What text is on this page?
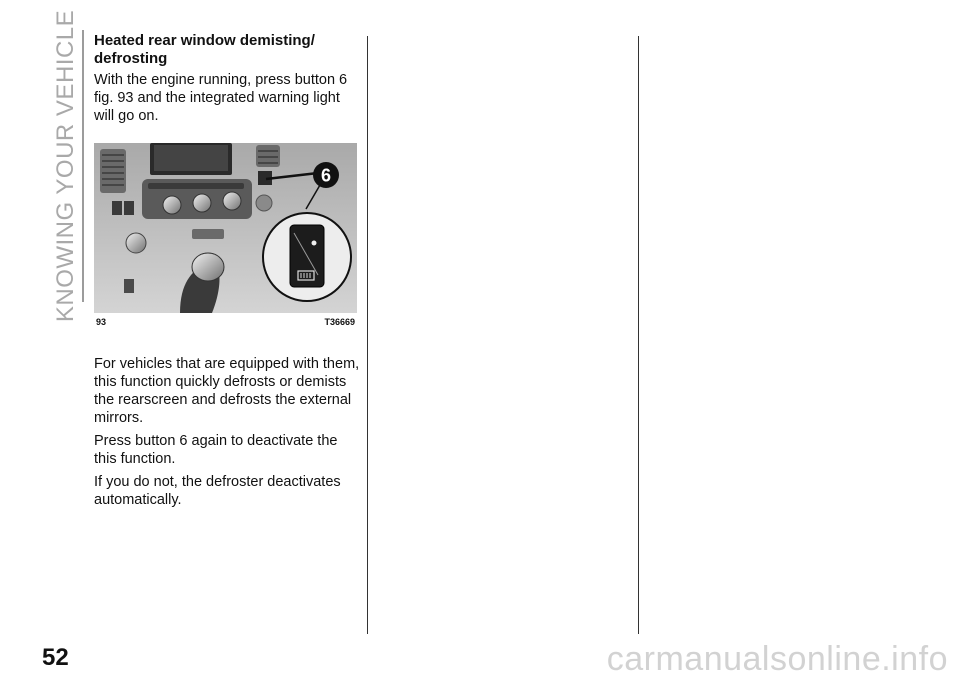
KNOWING YOUR VEHICLE Heated rear window demisting/ defrosting

With the engine running, press button 6 fig. 93 and the integrated warning light will go on.

6
93	T36669

For vehicles that are equipped with them, this function quickly defrosts or demists the rearscreen and defrosts the external mirrors.

Press button 6 again to deactivate the this function.

If you do not, the defroster deactivates automatically.

52	carmanualsonline.info
